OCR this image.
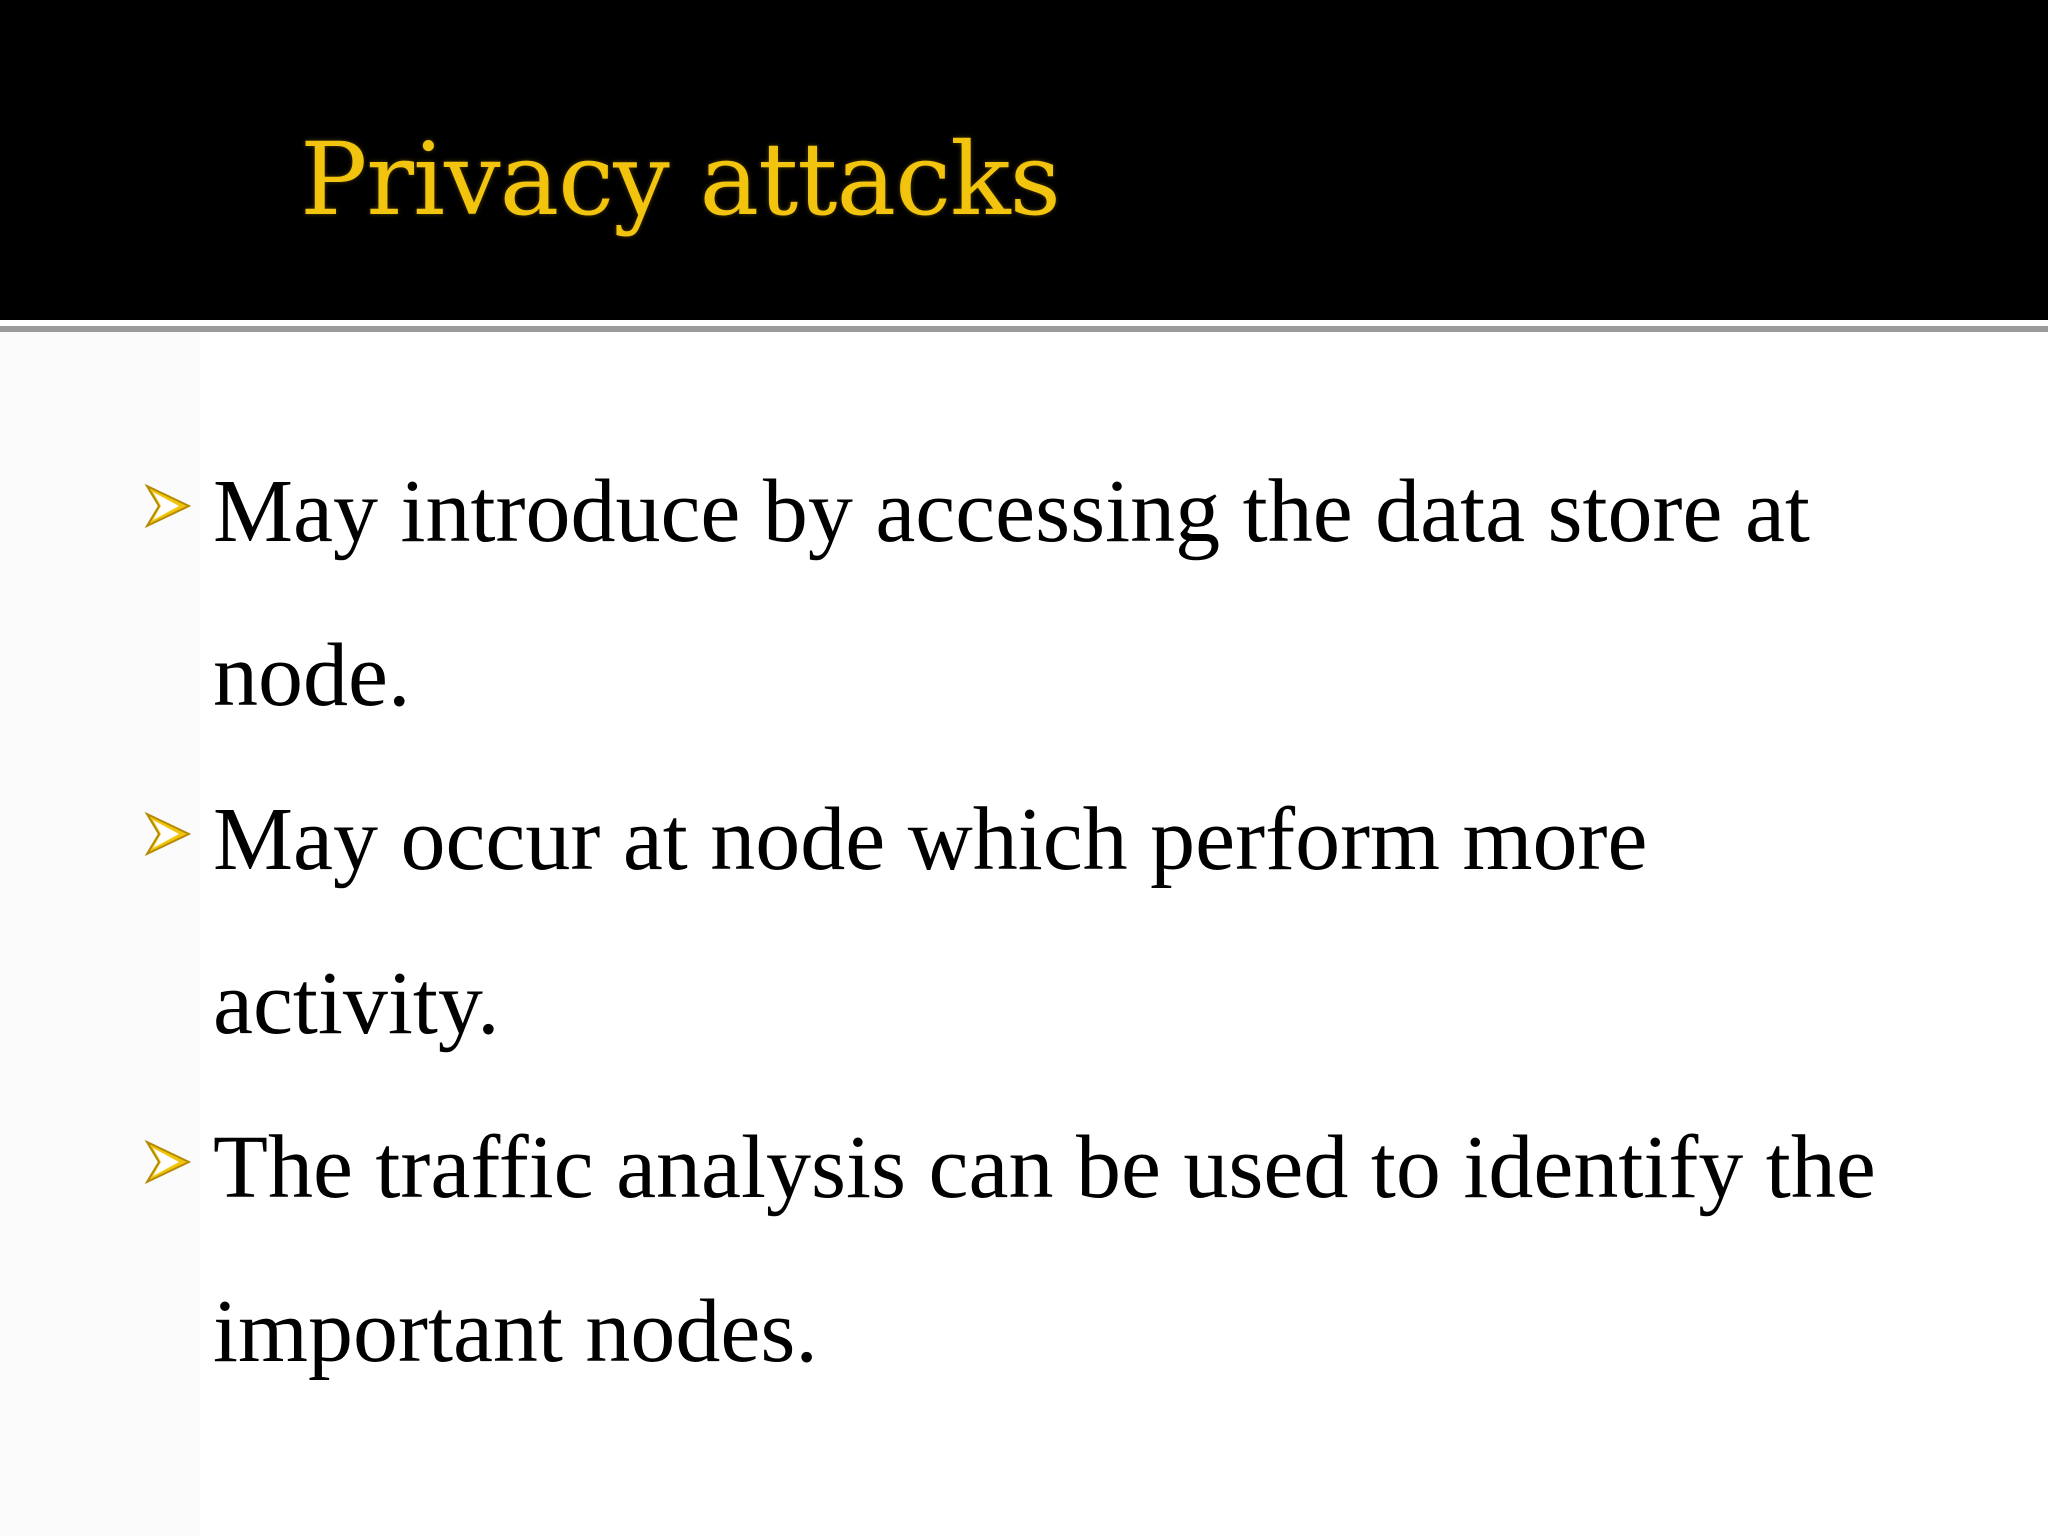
Privacy attacks
May introduce by accessing the data store at
node.
May occur at node which perform more
activity.
The traffic analysis can be used to identify the
important nodes.
